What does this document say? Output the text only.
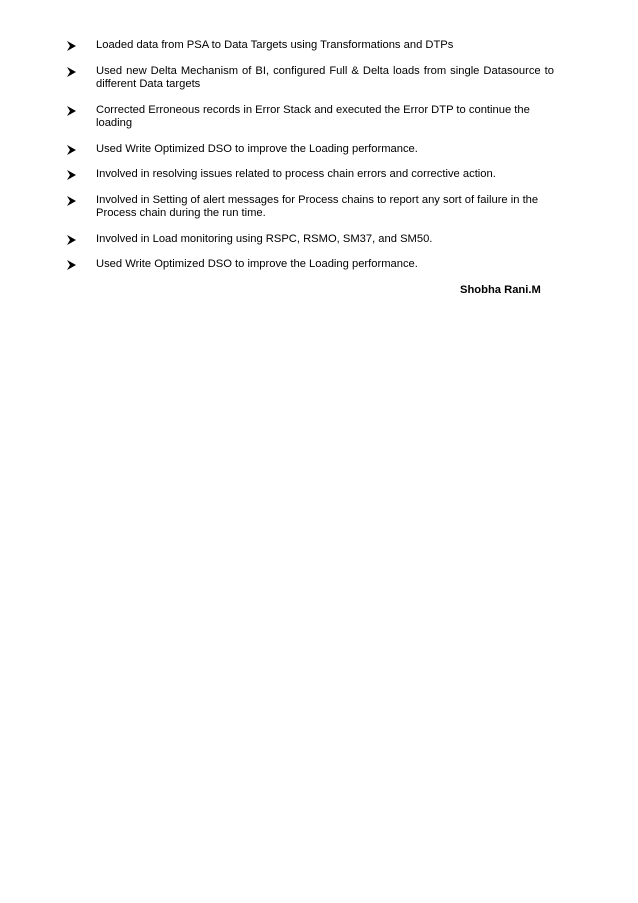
Loaded data from PSA to Data Targets using Transformations and DTPs
Used new Delta Mechanism of BI, configured Full & Delta loads from single Datasource to different Data targets
Corrected Erroneous records in Error Stack and executed the Error DTP to continue the loading
Used Write Optimized DSO to improve the Loading performance.
Involved in resolving issues related to process chain errors and corrective action.
Involved in Setting of alert messages for Process chains to report any sort of failure in the Process chain during the run time.
Involved in Load monitoring using RSPC, RSMO, SM37, and SM50.
Used Write Optimized DSO to improve the Loading performance.
Shobha Rani.M
